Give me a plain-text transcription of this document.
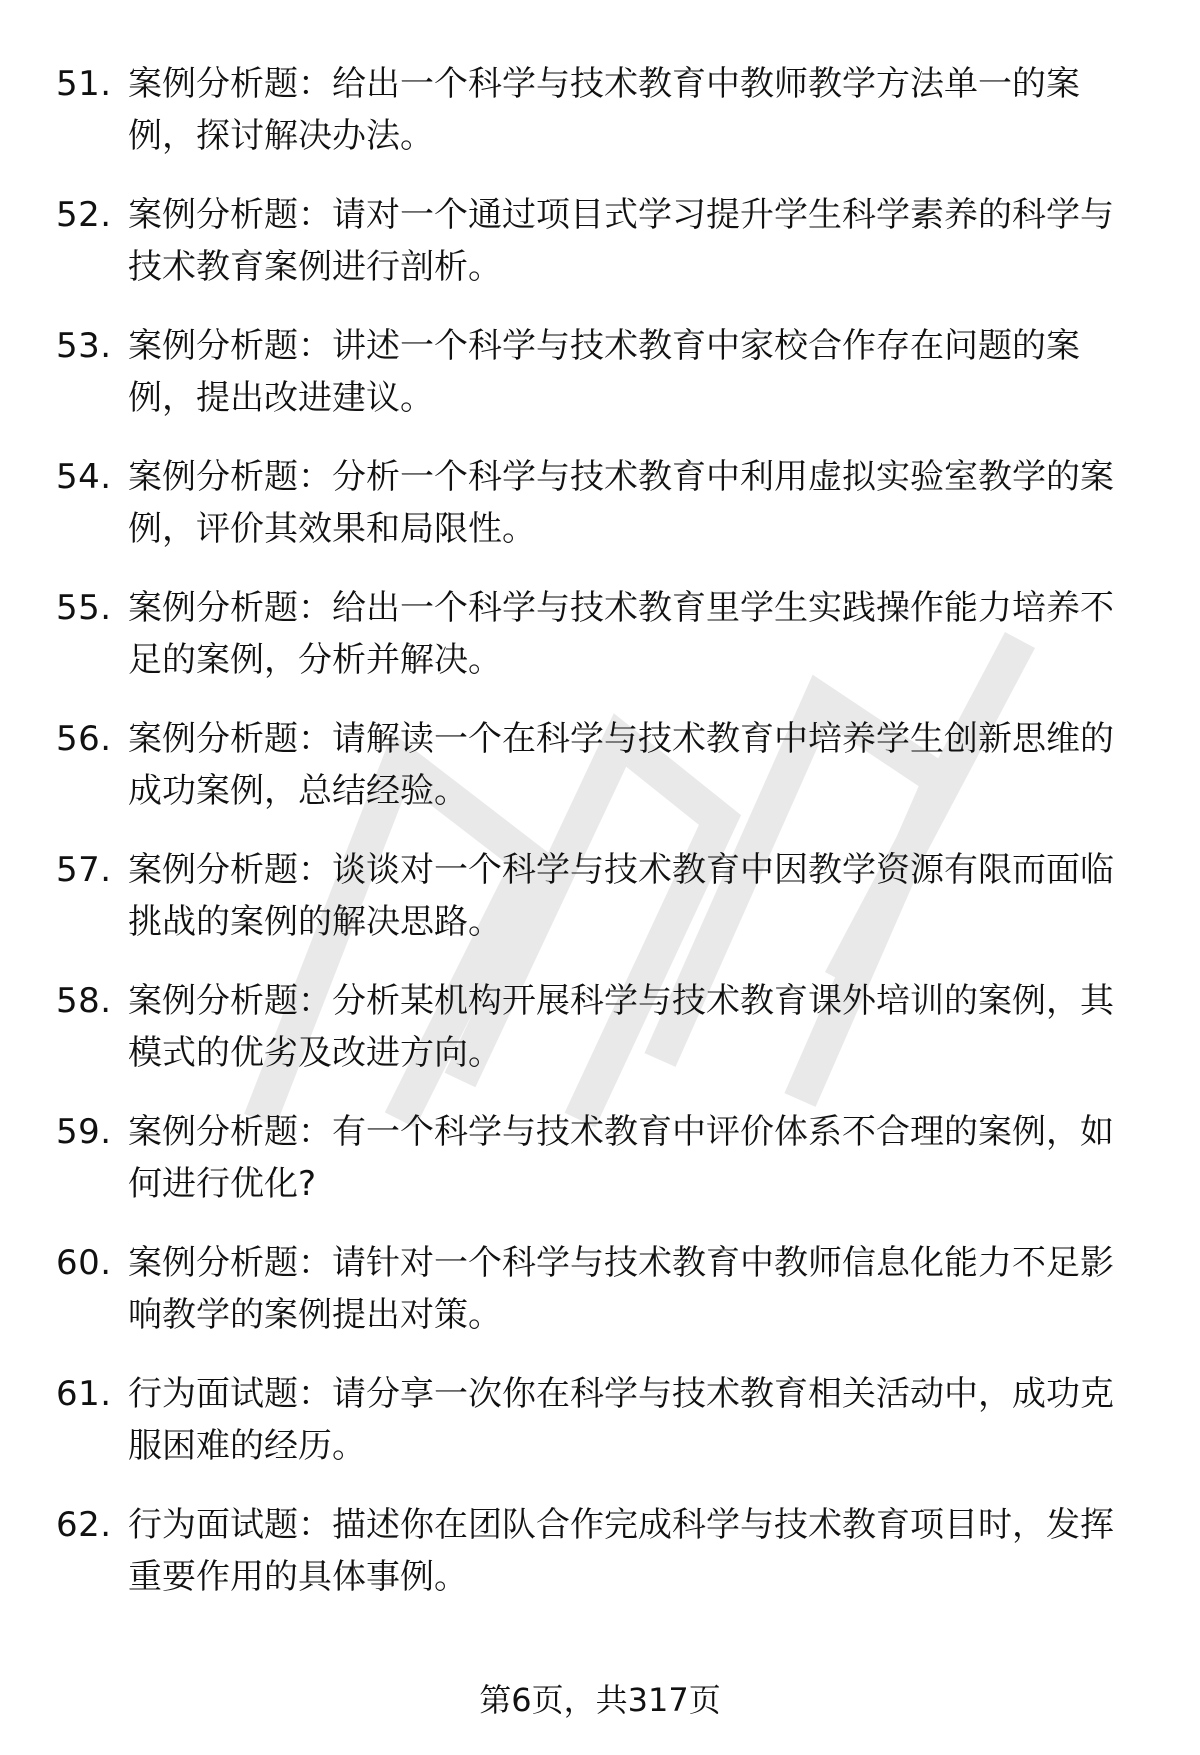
51. 案例分析题：给出一个科学与技术教育中教师教学方法单一的案例，探讨解决办法。
52. 案例分析题：请对一个通过项目式学习提升学生科学素养的科学与技术教育案例进行剖析。
53. 案例分析题：讲述一个科学与技术教育中家校合作存在问题的案例，提出改进建议。
54. 案例分析题：分析一个科学与技术教育中利用虚拟实验室教学的案例，评价其效果和局限性。
55. 案例分析题：给出一个科学与技术教育里学生实践操作能力培养不足的案例，分析并解决。
56. 案例分析题：请解读一个在科学与技术教育中培养学生创新思维的成功案例，总结经验。
57. 案例分析题：谈谈对一个科学与技术教育中因教学资源有限而面临挑战的案例的解决思路。
58. 案例分析题：分析某机构开展科学与技术教育课外培训的案例，其模式的优劣及改进方向。
59. 案例分析题：有一个科学与技术教育中评价体系不合理的案例，如何进行优化?
60. 案例分析题：请针对一个科学与技术教育中教师信息化能力不足影响教学的案例提出对策。
61. 行为面试题：请分享一次你在科学与技术教育相关活动中，成功克服困难的经历。
62. 行为面试题：描述你在团队合作完成科学与技术教育项目时，发挥重要作用的具体事例。
第6页，共317页
